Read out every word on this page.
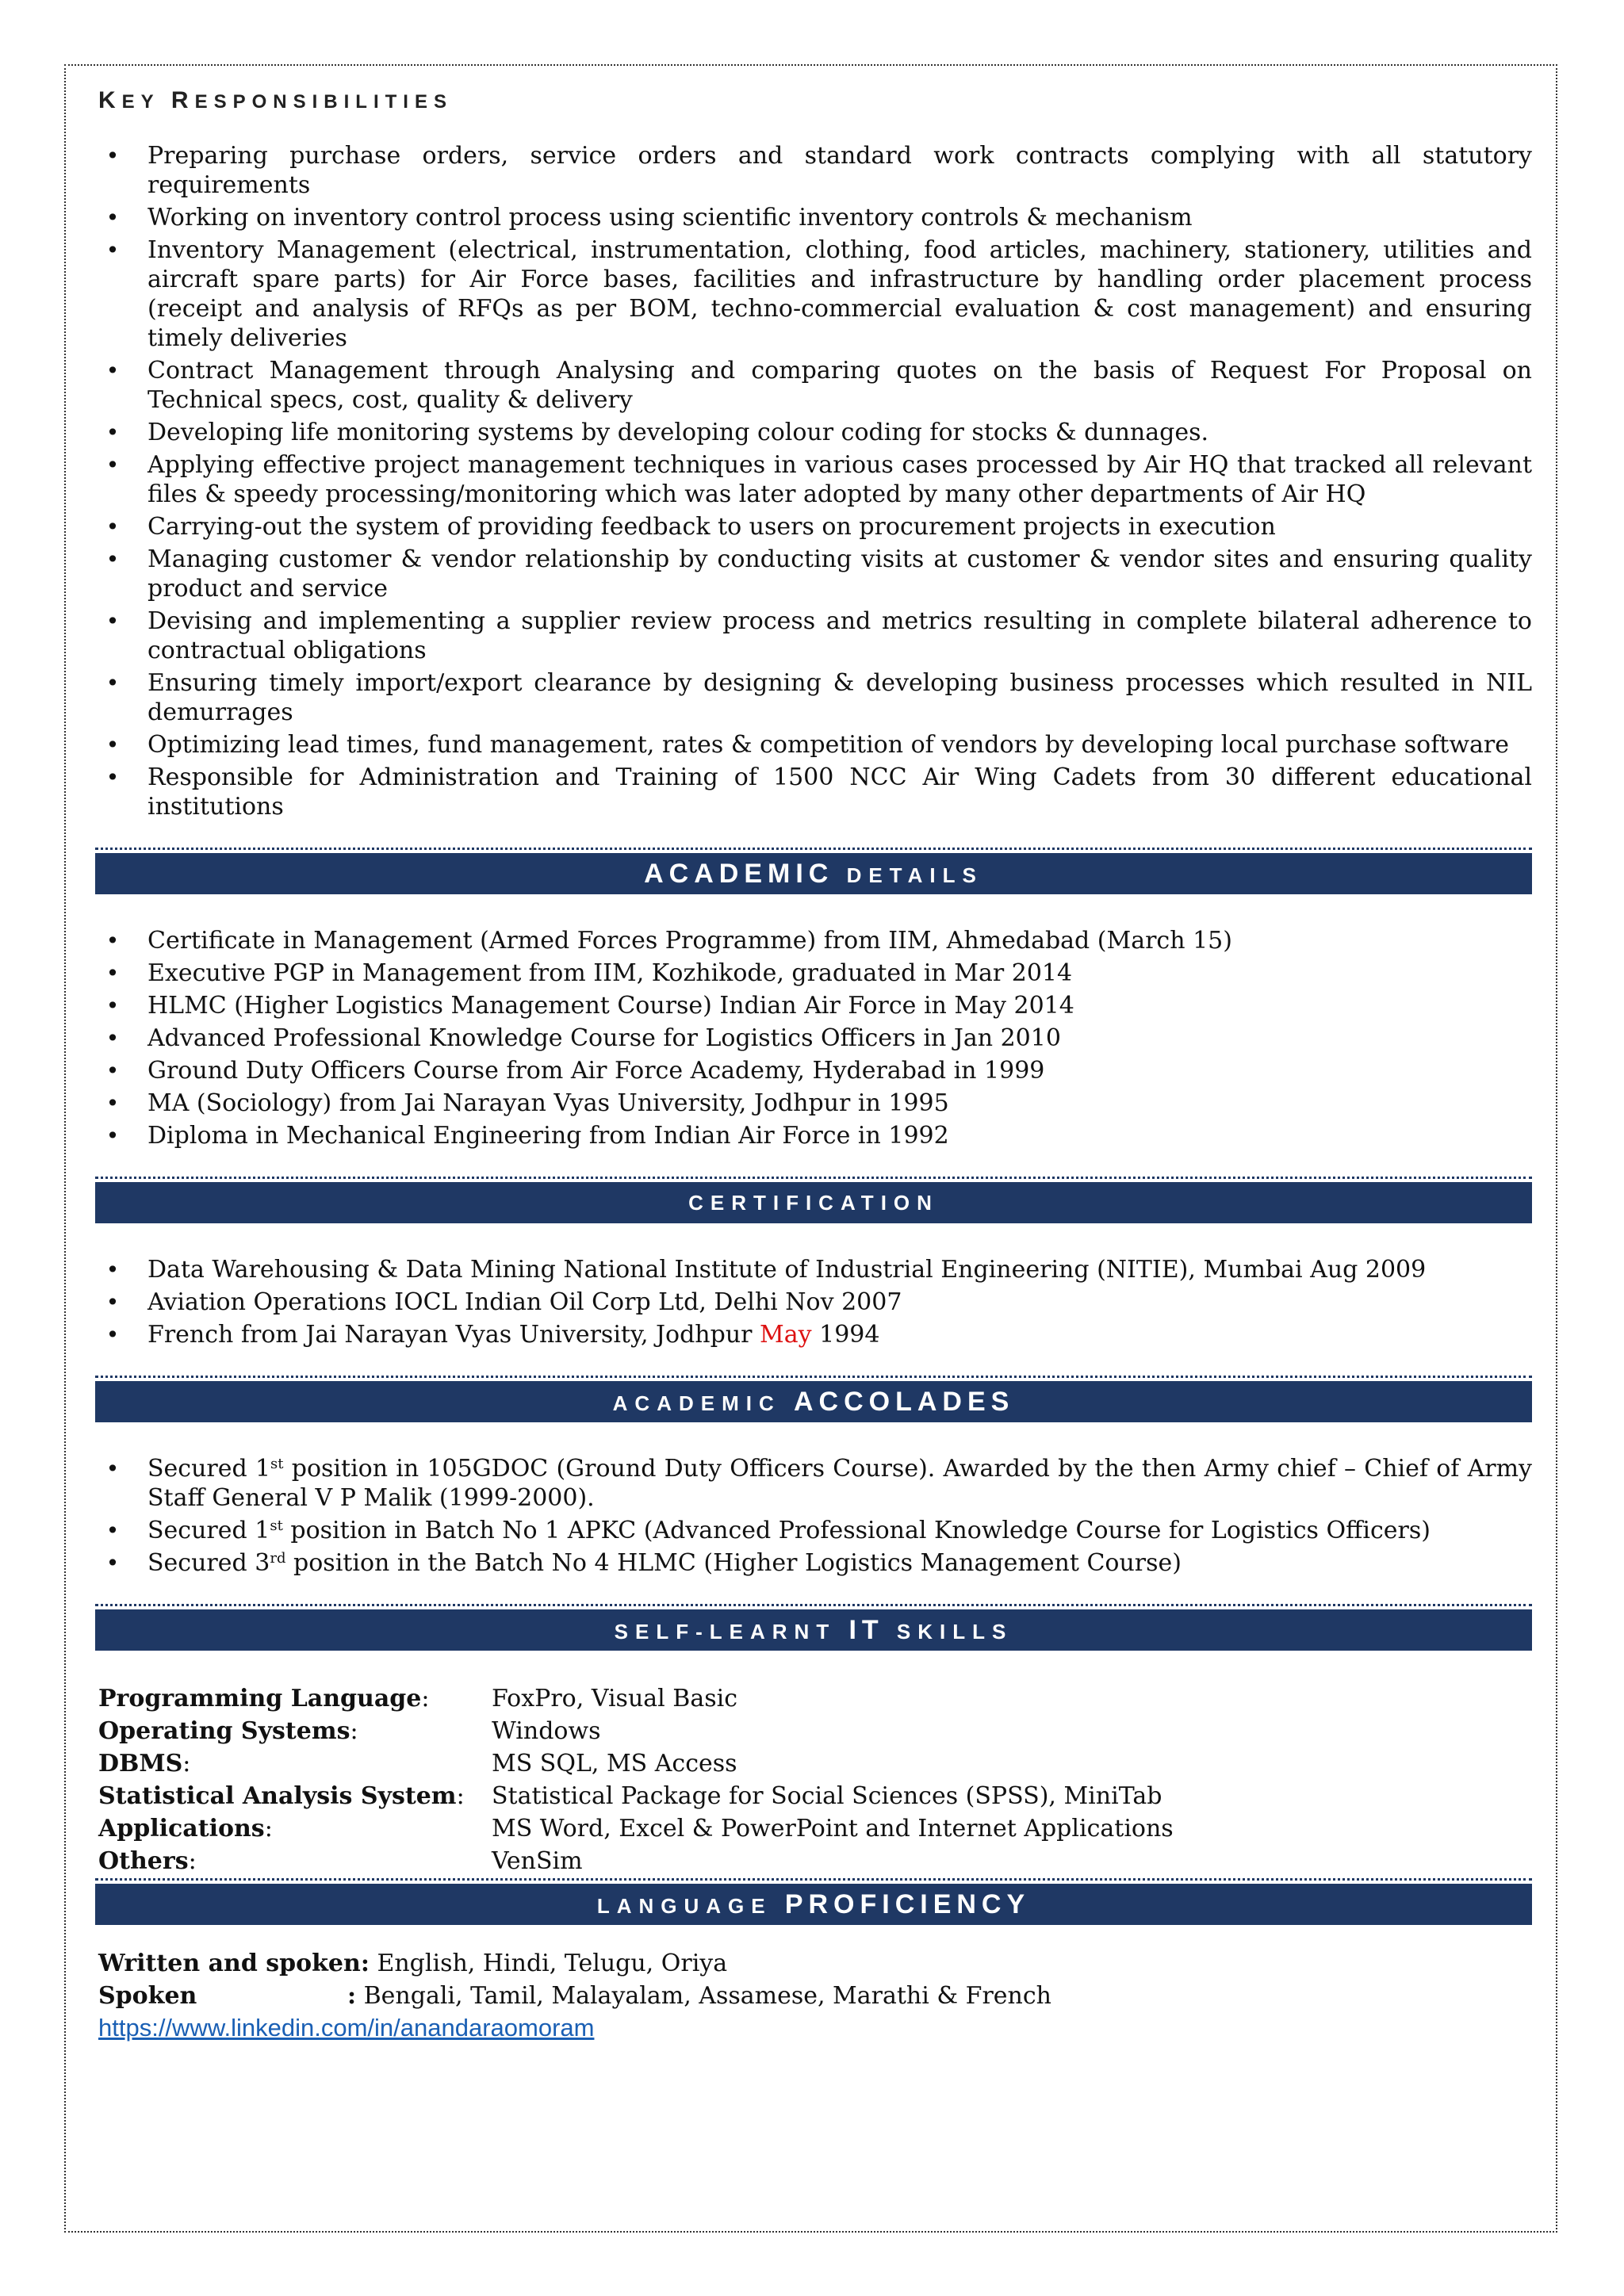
KEY RESPONSIBILITIES
• Preparing purchase orders, service orders and standard work contracts complying with all statutory requirements
• Working on inventory control process using scientific inventory controls & mechanism
• Inventory Management (electrical, instrumentation, clothing, food articles, machinery, stationery, utilities and aircraft spare parts) for Air Force bases, facilities and infrastructure by handling order placement process (receipt and analysis of RFQs as per BOM, techno-commercial evaluation & cost management) and ensuring timely deliveries
• Contract Management through Analysing and comparing quotes on the basis of Request For Proposal on Technical specs, cost, quality & delivery
• Developing life monitoring systems by developing colour coding for stocks & dunnages.
• Applying effective project management techniques in various cases processed by Air HQ that tracked all relevant files & speedy processing/monitoring which was later adopted by many other departments of Air HQ
• Carrying-out the system of providing feedback to users on procurement projects in execution
• Managing customer & vendor relationship by conducting visits at customer & vendor sites and ensuring quality product and service
• Devising and implementing a supplier review process and metrics resulting in complete bilateral adherence to contractual obligations
• Ensuring timely import/export clearance by designing & developing business processes which resulted in NIL demurrages
• Optimizing lead times, fund management, rates & competition of vendors by developing local purchase software
• Responsible for Administration and Training of 1500 NCC Air Wing Cadets from 30 different educational institutions
ACADEMIC DETAILS
• Certificate in Management (Armed Forces Programme) from IIM, Ahmedabad (March 15)
• Executive PGP in Management from IIM, Kozhikode, graduated in Mar 2014
• HLMC (Higher Logistics Management Course) Indian Air Force in May 2014
• Advanced Professional Knowledge Course for Logistics Officers in Jan 2010
• Ground Duty Officers Course from Air Force Academy, Hyderabad in 1999
• MA (Sociology) from Jai Narayan Vyas University, Jodhpur in 1995
• Diploma in Mechanical Engineering from Indian Air Force in 1992
CERTIFICATION
• Data Warehousing & Data Mining National Institute of Industrial Engineering (NITIE), Mumbai Aug 2009
• Aviation Operations IOCL Indian Oil Corp Ltd, Delhi Nov 2007
• French from Jai Narayan Vyas University, Jodhpur May 1994
ACADEMIC ACCOLADES
• Secured 1st position in 105GDOC (Ground Duty Officers Course). Awarded by the then Army chief – Chief of Army Staff General V P Malik (1999-2000).
• Secured 1st position in Batch No 1 APKC (Advanced Professional Knowledge Course for Logistics Officers)
• Secured 3rd position in the Batch No 4 HLMC (Higher Logistics Management Course)
SELF-LEARNT IT SKILLS
Programming Language:	FoxPro, Visual Basic
Operating Systems:	Windows
DBMS:	MS SQL, MS Access
Statistical Analysis System:	Statistical Package for Social Sciences (SPSS), MiniTab
Applications:	MS Word, Excel & PowerPoint and Internet Applications
Others:	VenSim
LANGUAGE PROFICIENCY
Written and spoken: English, Hindi, Telugu, Oriya
Spoken	: Bengali, Tamil, Malayalam, Assamese, Marathi & French
https://www.linkedin.com/in/anandaraomoram
